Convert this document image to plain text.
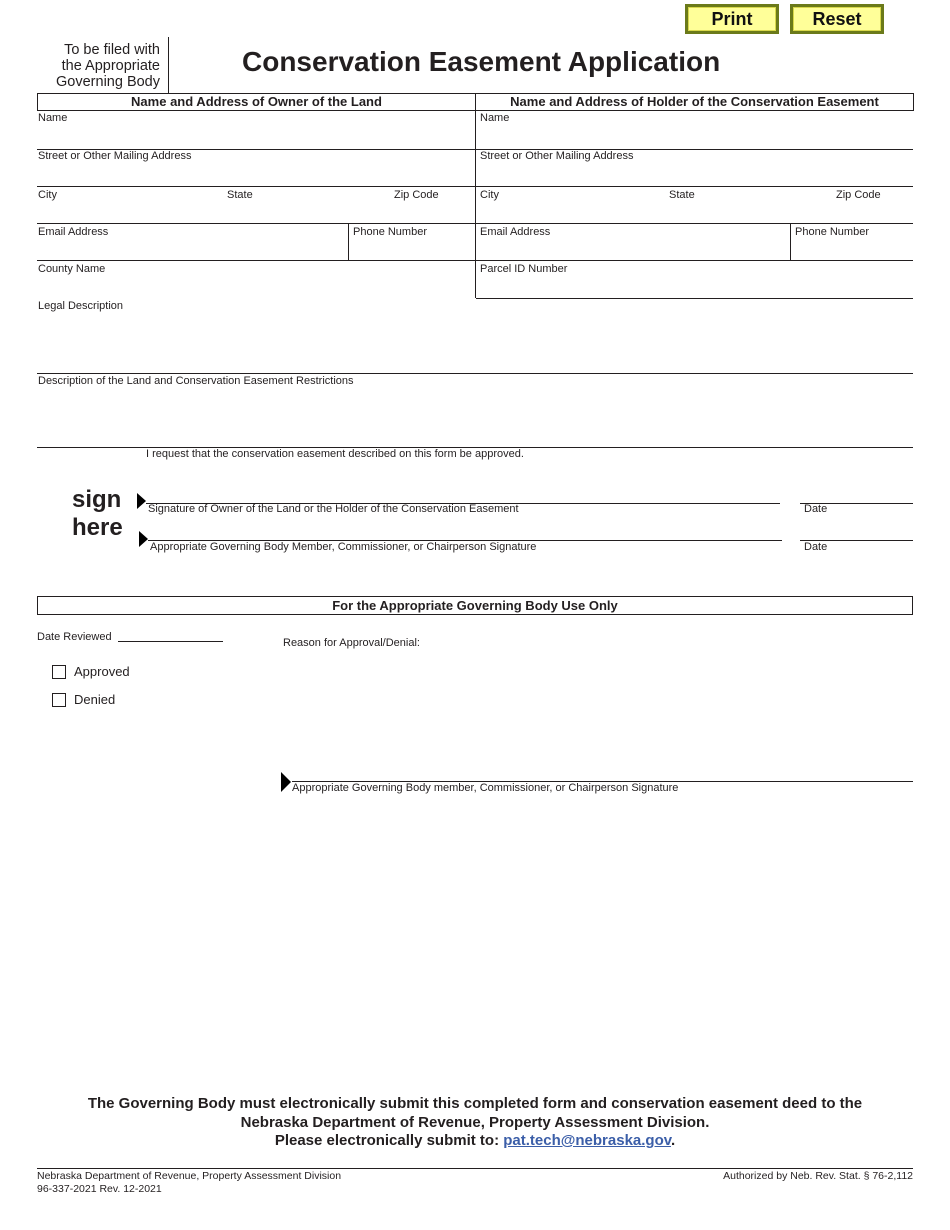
Print	Reset
To be filed with
the Appropriate
Governing Body
Conservation Easement Application
Name and Address of Owner of the Land	Name and Address of Holder of the Conservation Easement
Name
Street or Other Mailing Address
City	State	Zip Code
Email Address	Phone Number
County Name
Name
Street or Other Mailing Address
City	State	Zip Code
Email Address	Phone Number
Parcel ID Number
Legal Description
Description of the Land and Conservation Easement Restrictions
I request that the conservation easement described on this form be approved.
sign
here
Signature of Owner of the Land or the Holder of the Conservation Easement	Date
Appropriate Governing Body Member, Commissioner, or Chairperson Signature	Date
For the Appropriate Governing Body Use Only
Date Reviewed	Reason for Approval/Denial:
Approved
Denied
Appropriate Governing Body member, Commissioner, or Chairperson Signature
The Governing Body must electronically submit this completed form and conservation easement deed to the
Nebraska Department of Revenue, Property Assessment Division.
Please electronically submit to: pat.tech@nebraska.gov.
Nebraska Department of Revenue, Property Assessment Division
96-337-2021 Rev. 12-2021
Authorized by Neb. Rev. Stat. § 76-2,112
